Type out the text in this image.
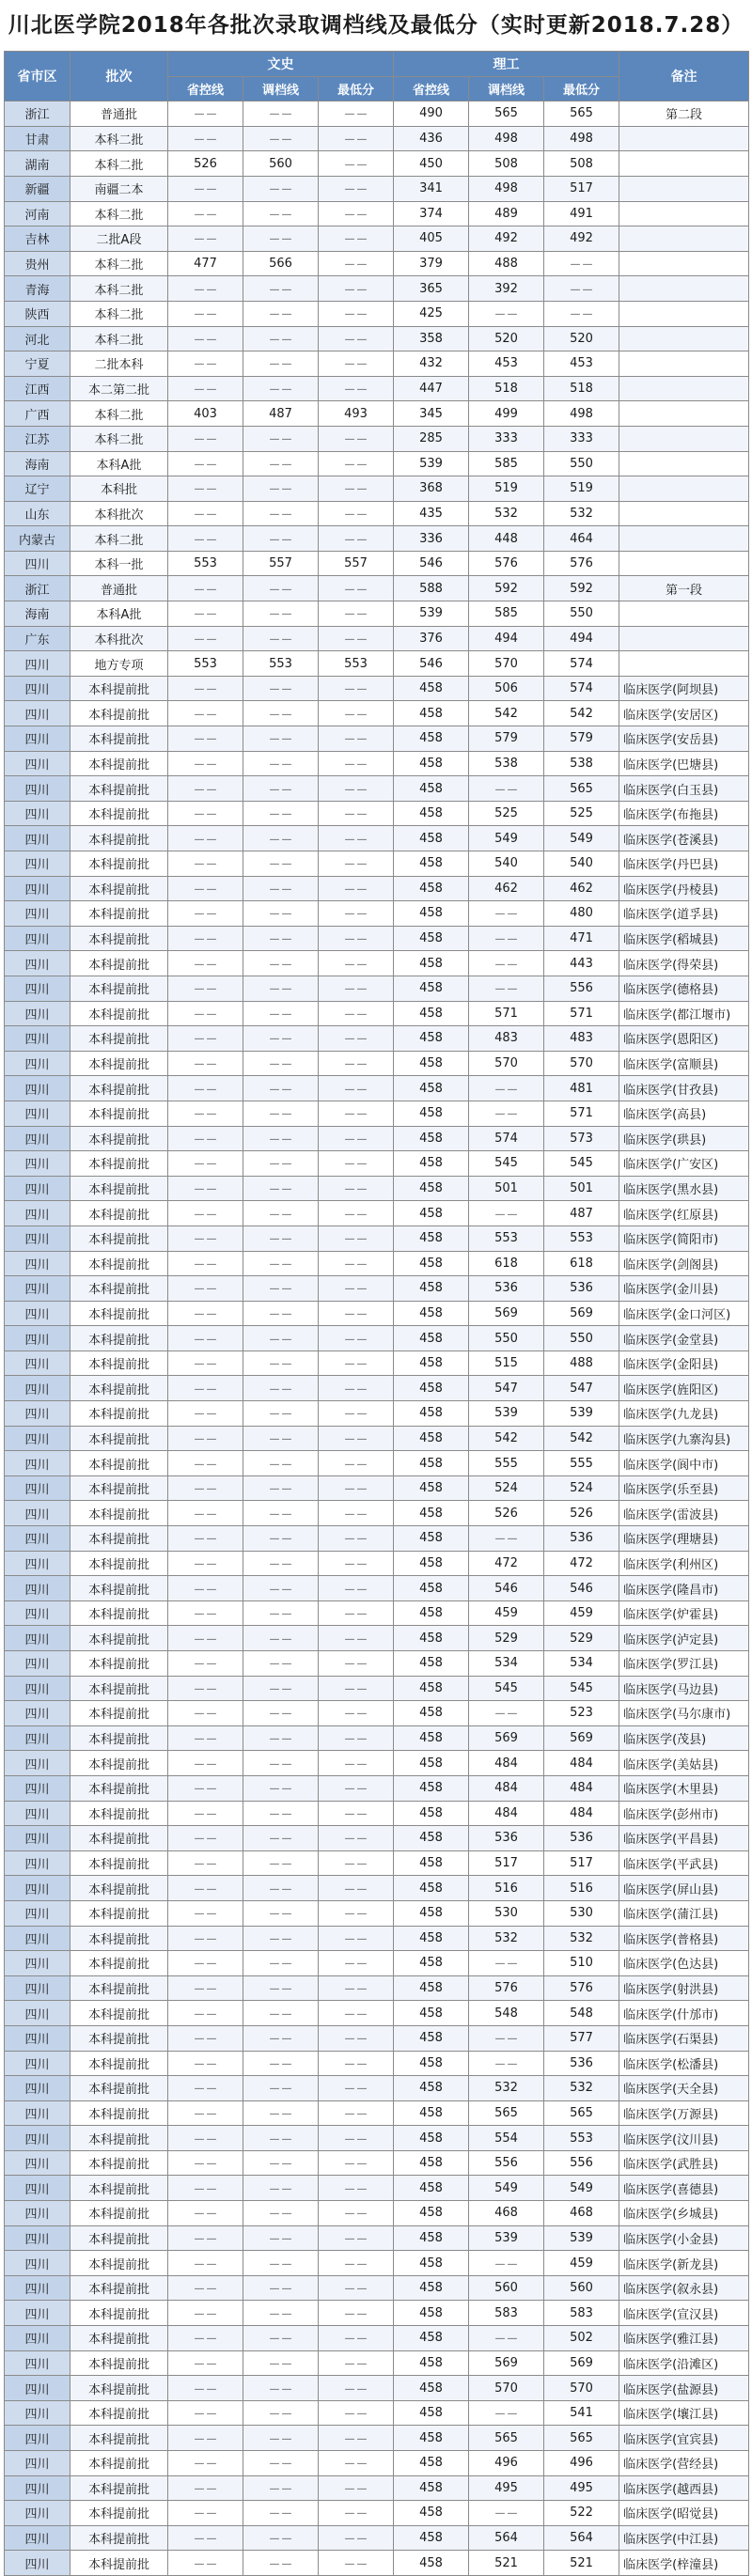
川北医学院2018年各批次录取调档线及最低分（实时更新2018.7.28）
省市区	批次	文史			理工			备注
		省控线	调档线	最低分	省控线	调档线	最低分	
浙江	普通批	－－	－－	－－	490	565	565	第二段
甘肃	本科二批	－－	－－	－－	436	498	498	
湖南	本科二批	526	560	－－	450	508	508	
新疆	南疆二本	－－	－－	－－	341	498	517	
河南	本科二批	－－	－－	－－	374	489	491	
吉林	二批A段	－－	－－	－－	405	492	492	
贵州	本科二批	477	566	－－	379	488	－－	
青海	本科二批	－－	－－	－－	365	392	－－	
陕西	本科二批	－－	－－	－－	425	－－	－－	
河北	本科二批	－－	－－	－－	358	520	520	
宁夏	二批本科	－－	－－	－－	432	453	453	
江西	本二第二批	－－	－－	－－	447	518	518	
广西	本科二批	403	487	493	345	499	498	
江苏	本科二批	－－	－－	－－	285	333	333	
海南	本科A批	－－	－－	－－	539	585	550	
辽宁	本科批	－－	－－	－－	368	519	519	
山东	本科批次	－－	－－	－－	435	532	532	
内蒙古	本科二批	－－	－－	－－	336	448	464	
四川	本科一批	553	557	557	546	576	576	
浙江	普通批	－－	－－	－－	588	592	592	第一段
海南	本科A批	－－	－－	－－	539	585	550	
广东	本科批次	－－	－－	－－	376	494	494	
四川	地方专项	553	553	553	546	570	574	
四川	本科提前批	－－	－－	－－	458	506	574	临床医学(阿坝县)
四川	本科提前批	－－	－－	－－	458	542	542	临床医学(安居区)
四川	本科提前批	－－	－－	－－	458	579	579	临床医学(安岳县)
四川	本科提前批	－－	－－	－－	458	538	538	临床医学(巴塘县)
四川	本科提前批	－－	－－	－－	458	－－	565	临床医学(白玉县)
四川	本科提前批	－－	－－	－－	458	525	525	临床医学(布拖县)
四川	本科提前批	－－	－－	－－	458	549	549	临床医学(苍溪县)
四川	本科提前批	－－	－－	－－	458	540	540	临床医学(丹巴县)
四川	本科提前批	－－	－－	－－	458	462	462	临床医学(丹棱县)
四川	本科提前批	－－	－－	－－	458	－－	480	临床医学(道孚县)
四川	本科提前批	－－	－－	－－	458	－－	471	临床医学(稻城县)
四川	本科提前批	－－	－－	－－	458	－－	443	临床医学(得荣县)
四川	本科提前批	－－	－－	－－	458	－－	556	临床医学(德格县)
四川	本科提前批	－－	－－	－－	458	571	571	临床医学(都江堰市)
四川	本科提前批	－－	－－	－－	458	483	483	临床医学(恩阳区)
四川	本科提前批	－－	－－	－－	458	570	570	临床医学(富顺县)
四川	本科提前批	－－	－－	－－	458	－－	481	临床医学(甘孜县)
四川	本科提前批	－－	－－	－－	458	－－	571	临床医学(高县)
四川	本科提前批	－－	－－	－－	458	574	573	临床医学(珙县)
四川	本科提前批	－－	－－	－－	458	545	545	临床医学(广安区)
四川	本科提前批	－－	－－	－－	458	501	501	临床医学(黑水县)
四川	本科提前批	－－	－－	－－	458	－－	487	临床医学(红原县)
四川	本科提前批	－－	－－	－－	458	553	553	临床医学(简阳市)
四川	本科提前批	－－	－－	－－	458	618	618	临床医学(剑阁县)
四川	本科提前批	－－	－－	－－	458	536	536	临床医学(金川县)
四川	本科提前批	－－	－－	－－	458	569	569	临床医学(金口河区)
四川	本科提前批	－－	－－	－－	458	550	550	临床医学(金堂县)
四川	本科提前批	－－	－－	－－	458	515	488	临床医学(金阳县)
四川	本科提前批	－－	－－	－－	458	547	547	临床医学(旌阳区)
四川	本科提前批	－－	－－	－－	458	539	539	临床医学(九龙县)
四川	本科提前批	－－	－－	－－	458	542	542	临床医学(九寨沟县)
四川	本科提前批	－－	－－	－－	458	555	555	临床医学(阆中市)
四川	本科提前批	－－	－－	－－	458	524	524	临床医学(乐至县)
四川	本科提前批	－－	－－	－－	458	526	526	临床医学(雷波县)
四川	本科提前批	－－	－－	－－	458	－－	536	临床医学(理塘县)
四川	本科提前批	－－	－－	－－	458	472	472	临床医学(利州区)
四川	本科提前批	－－	－－	－－	458	546	546	临床医学(隆昌市)
四川	本科提前批	－－	－－	－－	458	459	459	临床医学(炉霍县)
四川	本科提前批	－－	－－	－－	458	529	529	临床医学(泸定县)
四川	本科提前批	－－	－－	－－	458	534	534	临床医学(罗江县)
四川	本科提前批	－－	－－	－－	458	545	545	临床医学(马边县)
四川	本科提前批	－－	－－	－－	458	－－	523	临床医学(马尔康市)
四川	本科提前批	－－	－－	－－	458	569	569	临床医学(茂县)
四川	本科提前批	－－	－－	－－	458	484	484	临床医学(美姑县)
四川	本科提前批	－－	－－	－－	458	484	484	临床医学(木里县)
四川	本科提前批	－－	－－	－－	458	484	484	临床医学(彭州市)
四川	本科提前批	－－	－－	－－	458	536	536	临床医学(平昌县)
四川	本科提前批	－－	－－	－－	458	517	517	临床医学(平武县)
四川	本科提前批	－－	－－	－－	458	516	516	临床医学(屏山县)
四川	本科提前批	－－	－－	－－	458	530	530	临床医学(蒲江县)
四川	本科提前批	－－	－－	－－	458	532	532	临床医学(普格县)
四川	本科提前批	－－	－－	－－	458	－－	510	临床医学(色达县)
四川	本科提前批	－－	－－	－－	458	576	576	临床医学(射洪县)
四川	本科提前批	－－	－－	－－	458	548	548	临床医学(什邡市)
四川	本科提前批	－－	－－	－－	458	－－	577	临床医学(石渠县)
四川	本科提前批	－－	－－	－－	458	－－	536	临床医学(松潘县)
四川	本科提前批	－－	－－	－－	458	532	532	临床医学(天全县)
四川	本科提前批	－－	－－	－－	458	565	565	临床医学(万源县)
四川	本科提前批	－－	－－	－－	458	554	553	临床医学(汶川县)
四川	本科提前批	－－	－－	－－	458	556	556	临床医学(武胜县)
四川	本科提前批	－－	－－	－－	458	549	549	临床医学(喜德县)
四川	本科提前批	－－	－－	－－	458	468	468	临床医学(乡城县)
四川	本科提前批	－－	－－	－－	458	539	539	临床医学(小金县)
四川	本科提前批	－－	－－	－－	458	－－	459	临床医学(新龙县)
四川	本科提前批	－－	－－	－－	458	560	560	临床医学(叙永县)
四川	本科提前批	－－	－－	－－	458	583	583	临床医学(宣汉县)
四川	本科提前批	－－	－－	－－	458	－－	502	临床医学(雅江县)
四川	本科提前批	－－	－－	－－	458	569	569	临床医学(沿滩区)
四川	本科提前批	－－	－－	－－	458	570	570	临床医学(盐源县)
四川	本科提前批	－－	－－	－－	458	－－	541	临床医学(壤江县)
四川	本科提前批	－－	－－	－－	458	565	565	临床医学(宜宾县)
四川	本科提前批	－－	－－	－－	458	496	496	临床医学(营经县)
四川	本科提前批	－－	－－	－－	458	495	495	临床医学(越西县)
四川	本科提前批	－－	－－	－－	458	－－	522	临床医学(昭觉县)
四川	本科提前批	－－	－－	－－	458	564	564	临床医学(中江县)
四川	本科提前批	－－	－－	－－	458	521	521	临床医学(梓潼县)
